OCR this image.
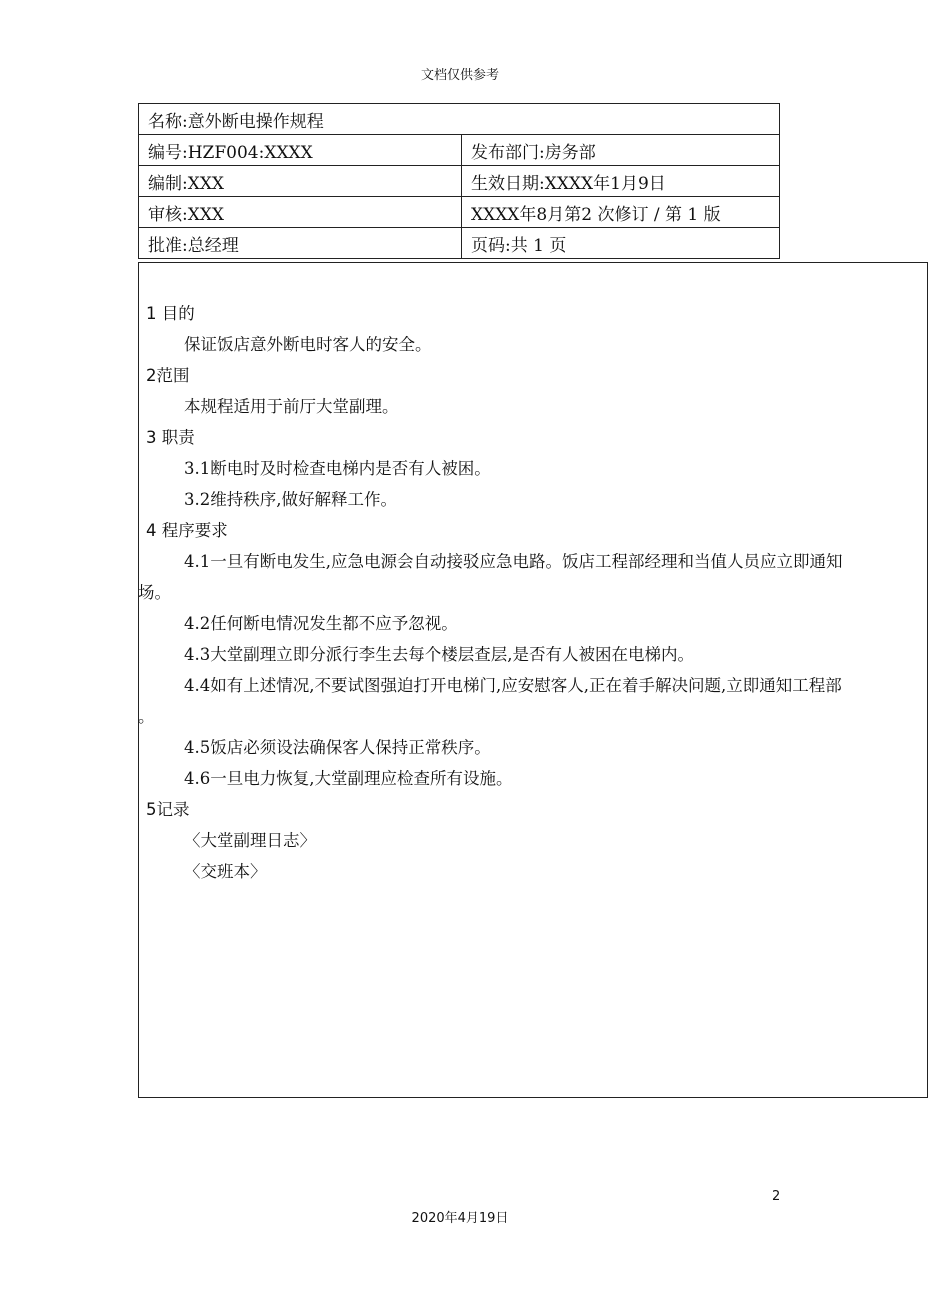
文档仅供参考
名称:意外断电操作规程	
编号:HZF004:XXXX	发布部门:房务部
编制:XXX	生效日期:XXXX年1月9日
审核:XXX	XXXX年8月第2 次修订 / 第 1 版
批准:总经理	页码:共 1 页
1 目的
保证饭店意外断电时客人的安全。
2范围
本规程适用于前厅大堂副理。
3 职责
3.1断电时及时检查电梯内是否有人被困。
3.2维持秩序,做好解释工作。
4 程序要求
4.1一旦有断电发生,应急电源会自动接驳应急电路。饭店工程部经理和当值人员应立即通知
场。
4.2任何断电情况发生都不应予忽视。
4.3大堂副理立即分派行李生去每个楼层查层,是否有人被困在电梯内。
4.4如有上述情况,不要试图强迫打开电梯门,应安慰客人,正在着手解决问题,立即通知工程部
。
4.5饭店必须设法确保客人保持正常秩序。
4.6一旦电力恢复,大堂副理应检查所有设施。
5记录
〈大堂副理日志〉
〈交班本〉
2
2020年4月19日
